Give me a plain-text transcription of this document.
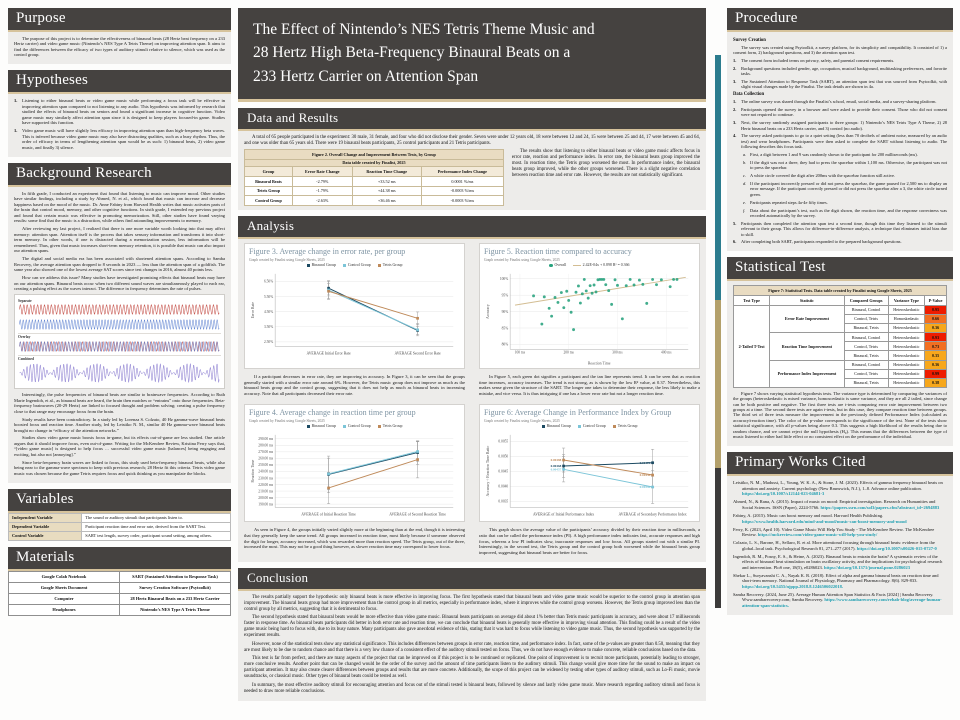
Purpose

The purpose of this project is to determine the effectiveness of binaural beats (28 Hertz beat frequency on a 233 Hertz carrier) and video game music (Nintendo’s NES Type A Tetris Theme) on improving attention span. It aims to find the differences between the efficacy of two types of auditory stimuli relative to silence, which was used as the control group.

Hypotheses
1.	Listening to either binaural beats or video game music while performing a focus task will be effective in improving attention span compared to not listening to any audio. This hypothesis was informed by research that studied the effects of binaural beats on seniors and found a significant increase in cognitive function. Video game music may similarly affect attention span since it is designed to keep players focused-in game. Studies have supported this function.
1.	Video game music will have slightly less efficacy in improving attention span than high-frequency beta waves. This is inferred because video game music may also have distracting qualities, such as a busy rhythm. Thus, the order of efficacy in terms of lengthening attention span would be as such: 1) binaural beats, 2) video game music, and finally 3) silence.
Background Research

In fifth grade, I conducted an experiment that found that listening to music can improve mood. Other studies have similar findings, including a study by Ahmed, N. et al., which found that music can increase and decrease happiness based on the mood of the music. Dr. Anne Fabiny from Harvard Health writes that music activates parts of the brain that control mood, memory, and other cognitive functions. In sixth grade, I extended my previous project and found that certain music was effective in promoting memorization. Still, other studies have found varying results: some find that the music is a distraction, while others find astounding improvements to memory.

After reviewing my last project, I realized that there is one more variable worth looking into that may affect memory: attention span. Attention itself is the process that takes sensory information and transforms it into short-term memory. In other words, if one is distracted during a memorization session, less information will be remembered. Thus, given that music increases short-term memory retention, it is possible that music can also impact our attention spans.

The digital and social media era has been associated with shortened attention spans. According to Samba Recovery, the average attention span dropped to 8 seconds in 2023 — less than the attention span of a goldfish. The same year also showed one of the lowest average SAT scores since test changes in 2016, almost 40 points less.

How can we address this issue? Many studies have investigated promising effects that binaural beats may have on our attention spans. Binaural beats occur when two different sound waves are simultaneously played to each ear, creating a pulsing effect as the waves interact. The difference in frequency determines the rate of pulses.

Separate
Overlay
Combined

Interestingly, the pulse frequencies of binaural beats are similar to brainwave frequencies. According to Ruth Marie Ingendoh, et al., as binaural beats are heard, the brain then matches or “entrains” onto those frequencies. Beta-frequency brainwaves (20-29 Hertz) are linked to focused thought and problem solving; creating a pulse frequency close to that range may encourage focus from the brain.

Study results have been contradictory. In a study led by Lorenza S. Colzato, 40 Hz gamma-wave binaural beats boosted focus and reaction time. Another study, led by Leistiko N. M., similar 40 Hz gamma-wave binaural beats brought no change in “efficacy of the attention networks.”

Studies show video game music boosts focus in-game, but its effects out-of-game are less studied. One article argues that it should improve focus, even out-of-game. Writing for the McKendree Review, Kristina Ferry says that, “[video game music] is designed to help focus … successful video game music [balances] being engaging and exciting, but also not [annoying].”

Since beta-frequency brain waves are linked to focus, this study used beta-frequency binaural beats, while also being near to the gamma-wave spectrum to keep with previous research; 28 Hertz fit this criteria. Tetris video game music was chosen because the game Tetris requires focus and quick thinking as you manipulate the blocks.

Variables
Independent Variable	The sound or auditory stimuli that participants listen to.
Dependent Variable	Participant reaction time and error rate, derived from the SART Test.
Control Variable	SART test length, survey order, participant sound setting, among others.
Materials
Google Colab Notebook	SART (Sustained Attention to Response Task)
Google Sheets Document	Survey Creation Software (Psytoolkit)
Computer	28 Hertz Binaural Beats on a 233 Hertz Carrier
Headphones	Nintendo’s NES Type A Tetris Theme
The Effect of Nintendo’s NES Tetris Theme Music and
28 Hertz High Beta-Frequency Binaural Beats on a
233 Hertz Carrier on Attention Span
Data and Results

A total of 65 people participated in the experiment: 30 male, 31 female, and four who did not disclose their gender. Seven were under 12 years old, 18 were between 12 and 24, 15 were between 25 and 44, 17 were between 45 and 64, and one was older than 65 years old. There were 19 binaural beats participants, 25 control participants and 21 Tetris participants.

Figure 2. Overall Change and Improvement Between Tests, by Group			
Data table created by Finalist, 2025			
Group	Error Rate Change	Reaction Time Change	Performance Index Change
Binaural Beats	-2.79%	+33.52 ms	0.0001 %/ms
Tetris Group	-1.79%	+44.38 ms	-0.0003 %/ms
Control Group	-2.63%	+36.46 ms	-0.0003 %/ms

The results show that listening to either binaural beats or video game music affects focus in error rate, reaction and performance index. In error rate, the binaural beats group improved the most. In reaction time, the Tetris group worsened the most. In performance index, the binaural beats group improved, while the other groups worsened. There is a slight negative correlation between reaction time and error rate. However, the results are not statistically significant.

Analysis
Figure 3. Average change in error rate, per group
Graph created by Finalist using Google Sheets, 2025
Binaural Group	Control Group	Tetris Group
2.50%
3.50%
4.50%
5.50%
6.50%
AVERAGE Initial Error Rate	AVERAGE Second Error Rate
Error Rate
Figure 5. Reaction time compared to accuracy
Graph created by Finalist using Google Sheets, 2025
Overall	2.42E-04x + 0.898 R² = 0.366
80%
85%
90%
95%
100%
100 ms	200 ms	300 ms	400 ms
Reaction Time
Accuracy

If a participant decreases in error rate, they are improving in accuracy. In Figure 3, it can be seen that the groups generally started with a similar error rate around 6%. However, the Tetris music group does not improve as much as the binaural beats group and the control group, suggesting that it does not help as much as binaural beats in increasing accuracy. Note that all participants decreased their error rate.

In Figure 5, each green dot signifies a participant and the tan line represents trend. It can be seen that as reaction time increases, accuracy increases. The trend is not strong, as is shown by the low R² value, at 0.37. Nevertheless, this makes sense given the structure of the SART. The longer one takes to determine their response, the less likely to make a mistake, and vice versa. It is thus intriguing if one has a lower error rate but not a longer reaction time.

Figure 4. Average change in reaction time per group
Graph created by Finalist using Google Sheets, 2025
Binaural Group	Control Group	Tetris Group
190.00 ms
200.00 ms
210.00 ms
220.00 ms
230.00 ms
240.00 ms
250.00 ms
260.00 ms
270.00 ms
280.00 ms
290.00 ms
AVERAGE of Initial Reaction Time	AVERAGE of Second Reaction Time
Reaction Time
Figure 6: Average Change in Performance Index by Group
Graph created by Finalist using Google Sheets, 2025
Binaural Group	Control Group	Tetris Group
0.0035
0.0040
0.0045
0.0050
0.0055
0.00468
0.00479
0.00457
0.00398
0.00488
0.00438
AVERAGE of Initial Performance Index	AVERAGE of Secondary Performance Index
Accuracy ÷ Reaction Time Ratio

As seen in Figure 4, the groups initially varied slightly more at the beginning than at the end, though it is interesting that they generally keep the same trend. All groups increased in reaction time, most likely because if someone observed the digit for longer, accuracy increased, which was rewarded more than reaction speed. The Tetris group, out of the three, increased the most. This may not be a good thing however, as slower reaction time may correspond to lower focus.

This graph shows the average value of the participants’ accuracy divided by their reaction time in milliseconds, a ratio that can be called the performance index (PI). A high performance index indicates fast, accurate responses and high focus, whereas a low PI indicates slow, inaccurate responses and low focus. All groups started out with a similar PI. Interestingly, in the second test, the Tetris group and the control group both worsened while the binaural beats group improved, suggesting that binaural beats are better for focus.

Conclusion

The results partially support the hypothesis: only binaural beats is more effective in improving focus. The first hypothesis stated that binaural beats and video game music would be superior to the control group in attention span improvement. The binaural beats group had more improvement than the control group in all metrics, especially in performance index, where it improves while the control group worsens. However, the Tetris group improved less than the control group by all metrics, suggesting that it is detrimental to focus.

The second hypothesis stated that binaural beats would be more effective than video game music. Binaural beats participants on average did about 1% better than Tetris music participants in accuracy, and were about 17 milliseconds faster in response time. As binaural beats participants did better in both error rate and reaction time, we can conclude that binaural beats is generally more effective in improving visual attention. This finding could be a result of the video game music being hard to focus with, due to its busy nature. Many participants also gave anecdotal evidence of this, stating that it was hard to focus while listening to video game music. Thus, the second hypothesis was supported by the experiment results.

However, none of the statistical tests show any statistical significance. This includes differences between groups in error rate, reaction time, and performance index. In fact, some of the p-values are greater than 0.50, meaning that they are most likely to be due to random chance and that there is a very low chance of a consistent effect of the auditory stimuli tested on focus. Thus, we do not have enough evidence to make concrete, reliable conclusions based on the data.

This test is far from perfect, and there are many aspects of the project that can be improved on if this project is to be continued or replicated. One point of improvement is to recruit more participants, potentially leading to stronger, more conclusive results. Another point that can be changed would be the order of the survey and the amount of time participants listen to the auditory stimuli. This change would give more time for the sound to make an impact on participant attention. It may also create clearer differences between groups and results that are more concrete. Additionally, the scope of this project can be widened by testing other types of auditory stimuli, such as Lo-Fi music, movie soundtracks, or classical music. Other types of binaural beats could be tested as well.

In summary, the most effective auditory stimuli for encouraging attention and focus out of the stimuli tested is binaural beats, followed by silence and lastly video game music. More research regarding auditory stimuli and focus is needed to draw more reliable conclusions.

Procedure
Survey Creation

The survey was created using Psytoolkit, a survey platform, for its simplicity and compatibility. It consisted of 1) a consent form, 2) background questions, and 3) the attention span test.

1.	The consent form included terms on privacy, safety, and parental consent requirements.
2.	Background questions included gender, age, occupation, musical background, multitasking preferences, and favorite tasks.
3.	The Sustained Attention to Response Task (SART), an attention span test that was sourced from Psytoolkit, with slight visual changes made by the Finalist. The task details are shown in 4a.
Data Collection
1.	The online survey was shared through the Finalist’s school, email, social media, and a survey-sharing platform.
2.	Participants opened the survey in a browser and were asked to provide their consent. Those who did not consent were not required to continue.
3.	Next, the survey randomly assigned participants to three groups: 1) Nintendo’s NES Tetris Type A Theme, 2) 28 Hertz binaural beats on a 233 Hertz carrier, and 3) control (no audio).
4.	The survey asked participants to go to a quiet setting (less than 70 decibels of ambient noise, measured by an audio test) and wear headphones. Participants were then asked to complete the SART without listening to audio. The following describes this focus task.
a. First, a digit between 1 and 9 was randomly shown to the participant for 200 milliseconds (ms).
b. If the digit was not a three, they had to press the spacebar within 1,100 ms. Otherwise, the participant was not to press the spacebar.
c. A white circle covered the digit after 200ms with the spacebar function still active.
d. If the participant incorrectly pressed or did not press the spacebar, the game paused for 2,500 ms to display an error message. If the participant correctly pressed or did not press the spacebar after a 3, the white circle turned green.
e. Participants repeated steps 4a-4e fifty times.
f.	Data about the participant’s test, such as the digit shown, the reaction time, and the response correctness was recorded automatically by the survey.
5.	Participants then completed the attention span test a second time, though this time they listened to the stimuli relevant to their group. This allows for difference-in-difference analysis, a technique that eliminates initial bias due to skill.
6.	After completing both SART, participants responded to the prepared background questions.
Statistical Test
Figure 7: Statistical Tests. Data table created by Finalist using Google Sheets, 2025				
Test Type	Statistic	Compared Groups	Variance Type	P-Value
2-Tailed T-Test	Error Rate Improvement	Binaural, Control	Heteroskedastic	0.95
		Control, Tetris	Homoskedastic	0.66
		Binaural, Tetris	Heteroskedastic	0.36
	Reaction Time Improvement	Binaural, Control	Heteroskedastic	0.93
		Control, Tetris	Heteroskedastic	0.73
		Binaural, Tetris	Heteroskedastic	0.35
	Performance Index Improvement	Binaural, Control	Heteroskedastic	0.36
		Control, Tetris	Heteroskedastic	0.99
		Binaural, Tetris	Heteroskedastic	0.38

Figure 7 shows varying statistical hypothesis tests. The variance type is determined by comparing the variances of the groups (heteroskedastic is mixed variance, homoscedastic is same variance, and they are all 2 tailed, since change can be both positive and negative. The first three tests are t-tests comparing error rate improvement between two groups at a time. The second three tests are again t-tests, but in this case, they compare reaction time between groups. The third set of three tests measure the improvement in the previously defined Performance Index (calculated as accuracy/reaction time). The color of the p-value corresponds to the significance of the test. None of the tests show statistical significance, with all p-values being above 0.3. This suggests a high likelihood of the results being due to random chance, and we cannot reject the null hypothesis (H₀). This means that the differences between the type of music listened to either had little effect or no consistent effect on the performance of the individual.

Primary Works Cited
Leistiko, N. M., Madussi, L., Young, W. K. A., & Stone, J. M. (2023). Effects of gamma frequency binaural beats on attention and anxiety. Current psychology (New Brunswick, N.J.), 1–8. Advance online publication. https://doi.org/10.1007/s12144-023-04681-3
Ahmed, N., & Rana, A. (2015). Impact of music on mood: Empirical investigation. Research on Humanities and Social Sciences. ISSN (Paper), 2224-5766. https://papers.ssrn.com/sol3/papers.cfm?abstract_id=2694883
Fabiny, A. (2015). Music can boost memory and mood. Harvard Health Publishing. https://www.health.harvard.edu/mind-and-mood/music-can-boost-memory-and-mood
Ferry, K. (2023, April 10). Video Game Music Will Help You Study - The McKendree Review. The McKendree Review. https://mckreview.com/video-game-music-will-help-you-study/
Colzato, L. S., Barone, H., Sellaro, R. et al. More attentional focusing through binaural beats: evidence from the global–local task. Psychological Research 81, 271–277 (2017). https://doi.org/10.1007/s00426-015-0727-0
Ingendoh, R. M., Posny, E. S., & Heine, A. (2023). Binaural beats to entrain the brain? A systematic review of the effects of binaural beat stimulation on brain oscillatory activity, and the implications for psychological research and intervention. PloS one, 18(5), e0286023. https://doi.org/10.1371/journal.pone.0286023
Shekar L., Suryavanshi C. A., Nayak K. R. (2018). Effect of alpha and gamma binaural beats on reaction time and short-term memory. National Journal of Physiology, Pharmacy and Pharmacology. 8(6). 829-833. https://doi.org/10.5455/njppp.2018.8.1246506022018.
Samba Recovery. (2024, June 25). Average Human Attention Span Statistics & Facts [2024] | Samba Recovery. Www.sambarecovery.com; Samba Recovery. https://www.sambarecovery.com/rehab-blog/average-human-attention-span-statistics.
